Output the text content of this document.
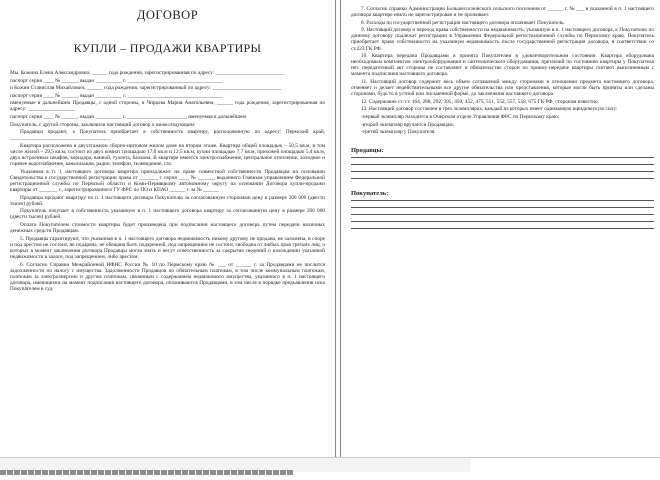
ДОГОВОР
КУПЛИ – ПРОДАЖИ КВАРТИРЫ

Мы, Кожина Елена Александровна, ______ года рождения, зарегистрированная по адресу: __________________________

паспорт серия ____ № ______, выдан __________ г. ____________________________________

и Кожин Станислав Михайлович, ______ года рождения, зарегистрированный по адресу: __________________________

паспорт серия ____ № ______, выдан __________ г. ____________________________________

именуемые в дальнейшем Продавцы, с одной стороны, и Чиркова Мария Анатольевна, ______ года рождения, зарегистрированная по адресу: __________________

паспорт серия ____ № ______, выдан __________ г. ______________________, именуемая в дальнейшем

Покупатель, с другой стороны, заключили настоящий договор о нижеследующем:

Продавцы продают, а Покупатель приобретает в собственность квартиру, расположенную по адресу: Пермский край, ______________________________________

Квартира расположена в двухэтажном сборно-щитовом жилом доме на втором этаже. Квартира общей площадью – 50,5 кв.м, в том числе жилой – 29,5 кв.м, состоит из двух комнат площадью 17,0 кв.м и 12,5 кв.м, кухни площадью 7,7 кв.м, прихожей площадью 5,4 кв.м, двух встроенных шкафов, коридора, ванной, туалета, балкона. В квартире имеется электроснабжение, центральное отопление, холодное и горячее водоснабжение, канализация, радио, телефон, телевидение, газ.

Указанная в п. 1 настоящего договора квартира принадлежит на праве совместной собственности Продавцам на основании Свидетельства о государственной регистрации права от _______ г. серия ____ № ______, выданного Главным управлением Федеральной регистрационной службы по Пермской области и Коми-Пермяцкому автономному округу на основании Договора купли-продажи квартиры от _______ г., зарегистрированного ГУ ФРС по ПО и КПАО ______ г. за № ______

Продавцы продают квартиру по п. 1 настоящего договора Покупателю за согласованную сторонами цену в размере 200 000 (двести тысяч) рублей.

Покупатель покупает в собственность указанную в п. 1 настоящего договора квартиру за согласованную цену в размере 200 000 (двести тысяч) рублей.

Оплата Покупателем стоимости квартиры будет произведена при подписании настоящего договора путем передачи наличных денежных средств Продавцам.

5. Продавцы гарантируют, что указанная в п. 1 настоящего договора недвижимость никому другому не продана, не заложена, в споре и под арестом не состоит, не подарена, не обещана быть подаренной, под запрещением не состоит, свободна от любых прав третьих лиц, о которых в момент заключения договора Продавцы могли знать и несут ответственность за сокрытие сведений о нахождении указанной недвижимости в залоге, под запрещением, либо арестом.

6. Согласно Справки Межрайонной ИФНС России № 10 по Пермскому краю № ___ от ______ г. за Продавцами не числится задолженности по налогу с имущества. Задолженности Продавцов по обязательным платежам, в том числе коммунальным платежам, платежам за электроэнергию и другим платежам, связанным с содержанием недвижимого имущества, указанного в п. 1 настоящего договора, имеющимся на момент подписания настоящего договора, оплачиваются Продавцами, в том числе в порядке предъявления иска Покупателем в суд.

7. Согласно справки Администрации Большесосновского сельского поселения от ______ г. № ___ в указанной в п. 1 настоящего договора квартире никто не зарегистрирован и не проживает.

8. Расходы по государственной регистрации настоящего договора оплачивает Покупатель.

9. Настоящий договор и переход права собственности на недвижимость, указанную в п. 1 настоящего договора, к Покупателю по данному договору подлежат регистрации в Управлении Федеральной регистрационной службы по Пермскому краю. Покупатель приобретает право собственности на указанную недвижимость после государственной регистрации договора, в соответствии со ст.223 ГК РФ.

10. Квартира передана Продавцами и принята Покупателем в удовлетворительном состоянии. Квартира оборудована необходимым комплектом электрооборудования и сантехнического оборудования, претензий по состоянию квартиры у Покупателя нет, передаточный акт стороны не составляют и обязательство сторон по приему-передаче квартиры считают выполненным с момента подписания настоящего договора.

11. Настоящий договор содержит весь объем соглашений между сторонами в отношении предмета настоящего договора, отменяет и делает недействительными все другие обязательства или представления, которые могли быть приняты или сделаны сторонами, будь то в устной или письменной форме, до заключения настоящего договора.

12. Содержание ст. ст. 164, 288, 292, 395, 450, 452, 475, 551, 552, 557, 558, 675 ГК РФ, сторонам известно.

13. Настоящий договор составлен в трех экземплярах, каждый из которых имеет одинаковую юридическую силу:

-первый экземпляр находится в Очерском отделе Управления ФРС по Пермскому краю;

-второй экземпляр вручается Продавцам;

-третий экземпляр у Покупателя.

Продавцы:
Покупатель:
